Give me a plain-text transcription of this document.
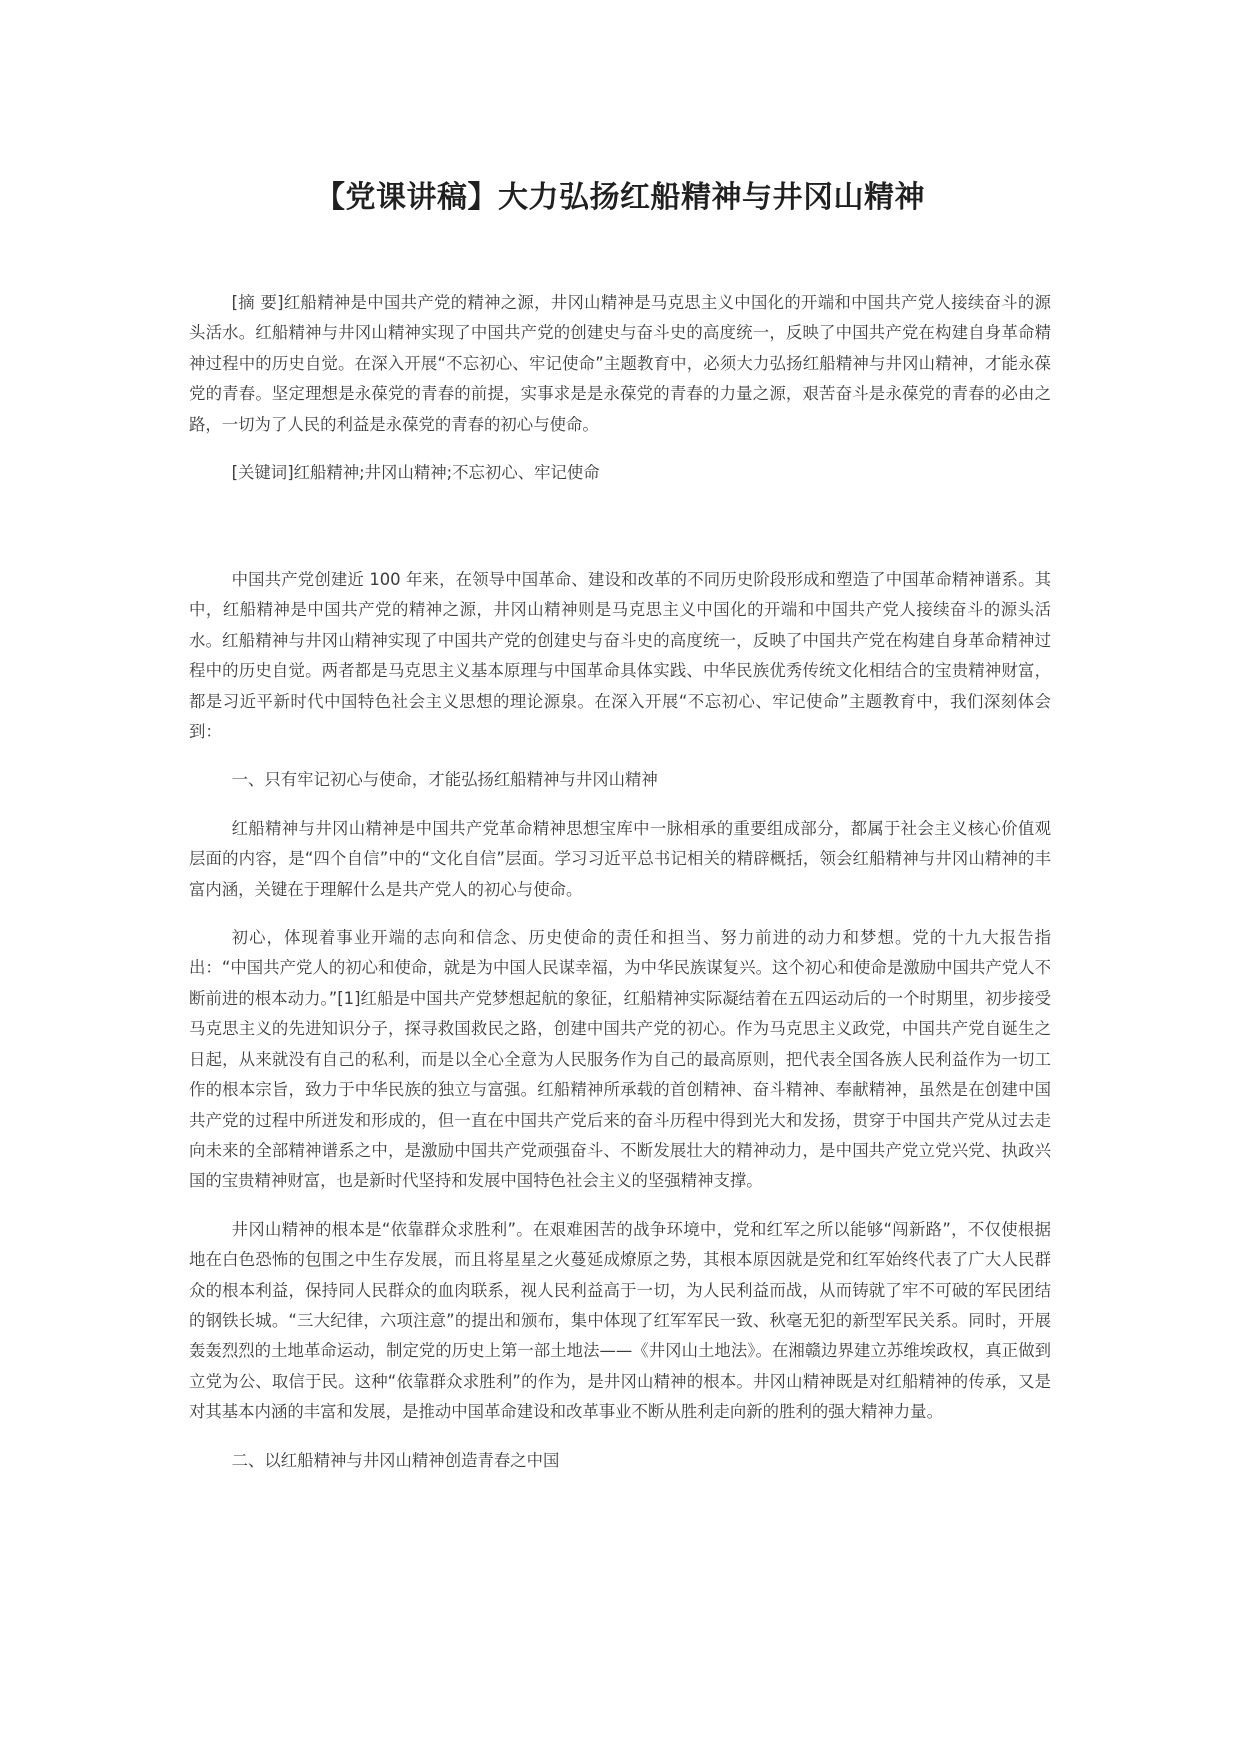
【党课讲稿】大力弘扬红船精神与井冈山精神

[摘 要]红船精神是中国共产党的精神之源，井冈山精神是马克思主义中国化的开端和中国共产党人接续奋斗的源头活水。红船精神与井冈山精神实现了中国共产党的创建史与奋斗史的高度统一，反映了中国共产党在构建自身革命精神过程中的历史自觉。在深入开展“不忘初心、牢记使命”主题教育中，必须大力弘扬红船精神与井冈山精神，才能永葆党的青春。坚定理想是永葆党的青春的前提，实事求是是永葆党的青春的力量之源，艰苦奋斗是永葆党的青春的必由之路，一切为了人民的利益是永葆党的青春的初心与使命。

[关键词]红船精神;井冈山精神;不忘初心、牢记使命

中国共产党创建近 100 年来，在领导中国革命、建设和改革的不同历史阶段形成和塑造了中国革命精神谱系。其中，红船精神是中国共产党的精神之源，井冈山精神则是马克思主义中国化的开端和中国共产党人接续奋斗的源头活水。红船精神与井冈山精神实现了中国共产党的创建史与奋斗史的高度统一，反映了中国共产党在构建自身革命精神过程中的历史自觉。两者都是马克思主义基本原理与中国革命具体实践、中华民族优秀传统文化相结合的宝贵精神财富，都是习近平新时代中国特色社会主义思想的理论源泉。在深入开展“不忘初心、牢记使命”主题教育中，我们深刻体会到：

一、只有牢记初心与使命，才能弘扬红船精神与井冈山精神

红船精神与井冈山精神是中国共产党革命精神思想宝库中一脉相承的重要组成部分，都属于社会主义核心价值观层面的内容，是“四个自信”中的“文化自信”层面。学习习近平总书记相关的精辟概括，领会红船精神与井冈山精神的丰富内涵，关键在于理解什么是共产党人的初心与使命。

初心，体现着事业开端的志向和信念、历史使命的责任和担当、努力前进的动力和梦想。党的十九大报告指出：“中国共产党人的初心和使命，就是为中国人民谋幸福，为中华民族谋复兴。这个初心和使命是激励中国共产党人不断前进的根本动力。”[1]红船是中国共产党梦想起航的象征，红船精神实际凝结着在五四运动后的一个时期里，初步接受马克思主义的先进知识分子，探寻救国救民之路，创建中国共产党的初心。作为马克思主义政党，中国共产党自诞生之日起，从来就没有自己的私利，而是以全心全意为人民服务作为自己的最高原则，把代表全国各族人民利益作为一切工作的根本宗旨，致力于中华民族的独立与富强。红船精神所承载的首创精神、奋斗精神、奉献精神，虽然是在创建中国共产党的过程中所迸发和形成的，但一直在中国共产党后来的奋斗历程中得到光大和发扬，贯穿于中国共产党从过去走向未来的全部精神谱系之中，是激励中国共产党顽强奋斗、不断发展壮大的精神动力，是中国共产党立党兴党、执政兴国的宝贵精神财富，也是新时代坚持和发展中国特色社会主义的坚强精神支撑。

井冈山精神的根本是“依靠群众求胜利”。在艰难困苦的战争环境中，党和红军之所以能够“闯新路”，不仅使根据地在白色恐怖的包围之中生存发展，而且将星星之火蔓延成燎原之势，其根本原因就是党和红军始终代表了广大人民群众的根本利益，保持同人民群众的血肉联系，视人民利益高于一切，为人民利益而战，从而铸就了牢不可破的军民团结的钢铁长城。“三大纪律，六项注意”的提出和颁布，集中体现了红军军民一致、秋毫无犯的新型军民关系。同时，开展轰轰烈烈的土地革命运动，制定党的历史上第一部土地法——《井冈山土地法》。在湘赣边界建立苏维埃政权，真正做到立党为公、取信于民。这种“依靠群众求胜利”的作为，是井冈山精神的根本。井冈山精神既是对红船精神的传承，又是对其基本内涵的丰富和发展，是推动中国革命建设和改革事业不断从胜利走向新的胜利的强大精神力量。

二、以红船精神与井冈山精神创造青春之中国
